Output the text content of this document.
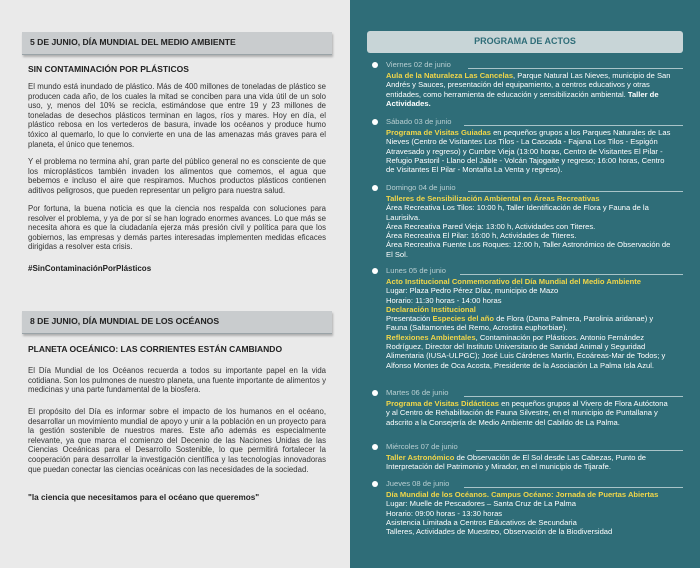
5 DE JUNIO, DÍA MUNDIAL DEL MEDIO AMBIENTE
SIN CONTAMINACIÓN POR PLÁSTICOS

El mundo está inundado de plástico. Más de 400 millones de toneladas de plástico se producen cada año, de los cuales la mitad se conciben para una vida útil de un solo uso, y, menos del 10% se recicla, estimándose que entre 19 y 23 millones de toneladas de desechos plásticos terminan en lagos, ríos y mares. Hoy en día, el plástico rebosa en los vertederos de basura, invade los océanos y produce humo tóxico al quemarlo, lo que lo convierte en una de las amenazas más graves para el planeta, el único que tenemos.

Y el problema no termina ahí, gran parte del público general no es consciente de que los microplásticos también invaden los alimentos que comemos, el agua que bebemos e incluso el aire que respiramos. Muchos productos plásticos contienen aditivos peligrosos, que pueden representar un peligro para nuestra salud.

Por fortuna, la buena noticia es que la ciencia nos respalda con soluciones para resolver el problema, y ya de por sí se han logrado enormes avances. Lo que más se necesita ahora es que la ciudadanía ejerza más presión civil y política para que los gobiernos, las empresas y demás partes interesadas implementen medidas eficaces dirigidas a resolver esta crisis.

#SinContaminaciónPorPlásticos
8 DE JUNIO, DÍA MUNDIAL DE LOS OCÉANOS
PLANETA OCEÁNICO: LAS CORRIENTES ESTÁN CAMBIANDO

El Día Mundial de los Océanos recuerda a todos su importante papel en la vida cotidiana. Son los pulmones de nuestro planeta, una fuente importante de alimentos y medicinas y una parte fundamental de la biosfera.

El propósito del Día es informar sobre el impacto de los humanos en el océano, desarrollar un movimiento mundial de apoyo y unir a la población en un proyecto para la gestión sostenible de nuestros mares. Este año además es especialmente relevante, ya que marca el comienzo del Decenio de las Naciones Unidas de las Ciencias Oceánicas para el Desarrollo Sostenible, lo que permitirá fortalecer la cooperación para desarrollar la investigación científica y las tecnologías innovadoras que puedan conectar las ciencias oceánicas con las necesidades de la sociedad.

"la ciencia que necesitamos para el océano que queremos"
PROGRAMA DE ACTOS
Viernes 02 de junio

Aula de la Naturaleza Las Cancelas, Parque Natural Las Nieves, municipio de San Andrés y Sauces, presentación del equipamiento, a centros educativos y otras entidades, como herramienta de educación y sensibilización ambiental. Taller de Actividades.

Sábado 03 de junio

Programa de Visitas Guiadas en pequeños grupos a los Parques Naturales de Las Nieves (Centro de Visitantes Los Tilos - La Cascada - Fajana Los Tilos - Espigón Atravesado y regreso) y Cumbre Vieja (13:00 horas, Centro de Visitantes El Pilar - Refugio Pastoril - Llano del Jable - Volcán Tajogaite y regreso; 16:00 horas, Centro de Visitantes El Pilar - Montaña La Venta y regreso).

Domingo 04 de junio

Talleres de Sensibilización Ambiental en Áreas Recreativas
Área Recreativa Los Tilos: 10:00 h, Taller Identificación de Flora y Fauna de la Laurisilva.
Área Recreativa Pared Vieja: 13:00 h, Actividades con Titeres.
Área Recreativa El Pilar: 16:00 h, Actividades de Titeres.
Área Recreativa Fuente Los Roques: 12:00 h, Taller Astronómico de Observación de El Sol.

Lunes 05 de junio

Acto Institucional Conmemorativo del Día Mundial del Medio Ambiente
Lugar: Plaza Pedro Pérez Díaz, municipio de Mazo
Horario: 11:30 horas - 14:00 horas
Declaración Institucional
Presentación Especies del año de Flora (Dama Palmera, Parolinia aridanae) y Fauna (Saltamontes del Remo, Acrostira euphorbiae).
Reflexiones Ambientales, Contaminación por Plásticos. Antonio Fernández Rodríguez, Director del Instituto Universitario de Sanidad Animal y Seguridad Alimentaria (IUSA-ULPGC); José Luis Cárdenes Martín, Ecoáreas-Mar de Todos; y Alfonso Montes de Oca Acosta, Presidente de la Asociación La Palma Isla Azul.

Martes 06 de junio

Programa de Visitas Didácticas en pequeños grupos al Vivero de Flora Autóctona y al Centro de Rehabilitación de Fauna Silvestre, en el municipio de Puntallana y adscrito a la Consejería de Medio Ambiente del Cabildo de La Palma.

Miércoles 07 de junio

Taller Astronómico de Observación de El Sol desde Las Cabezas, Punto de Interpretación del Patrimonio y Mirador, en el municipio de Tijarafe.

Jueves 08 de junio

Día Mundial de los Océanos. Campus Océano: Jornada de Puertas Abiertas
Lugar: Muelle de Pescadores – Santa Cruz de La Palma
Horario: 09:00 horas - 13:30 horas
Asistencia Limitada a Centros Educativos de Secundaria
Talleres, Actividades de Muestreo, Observación de la Biodiversidad
